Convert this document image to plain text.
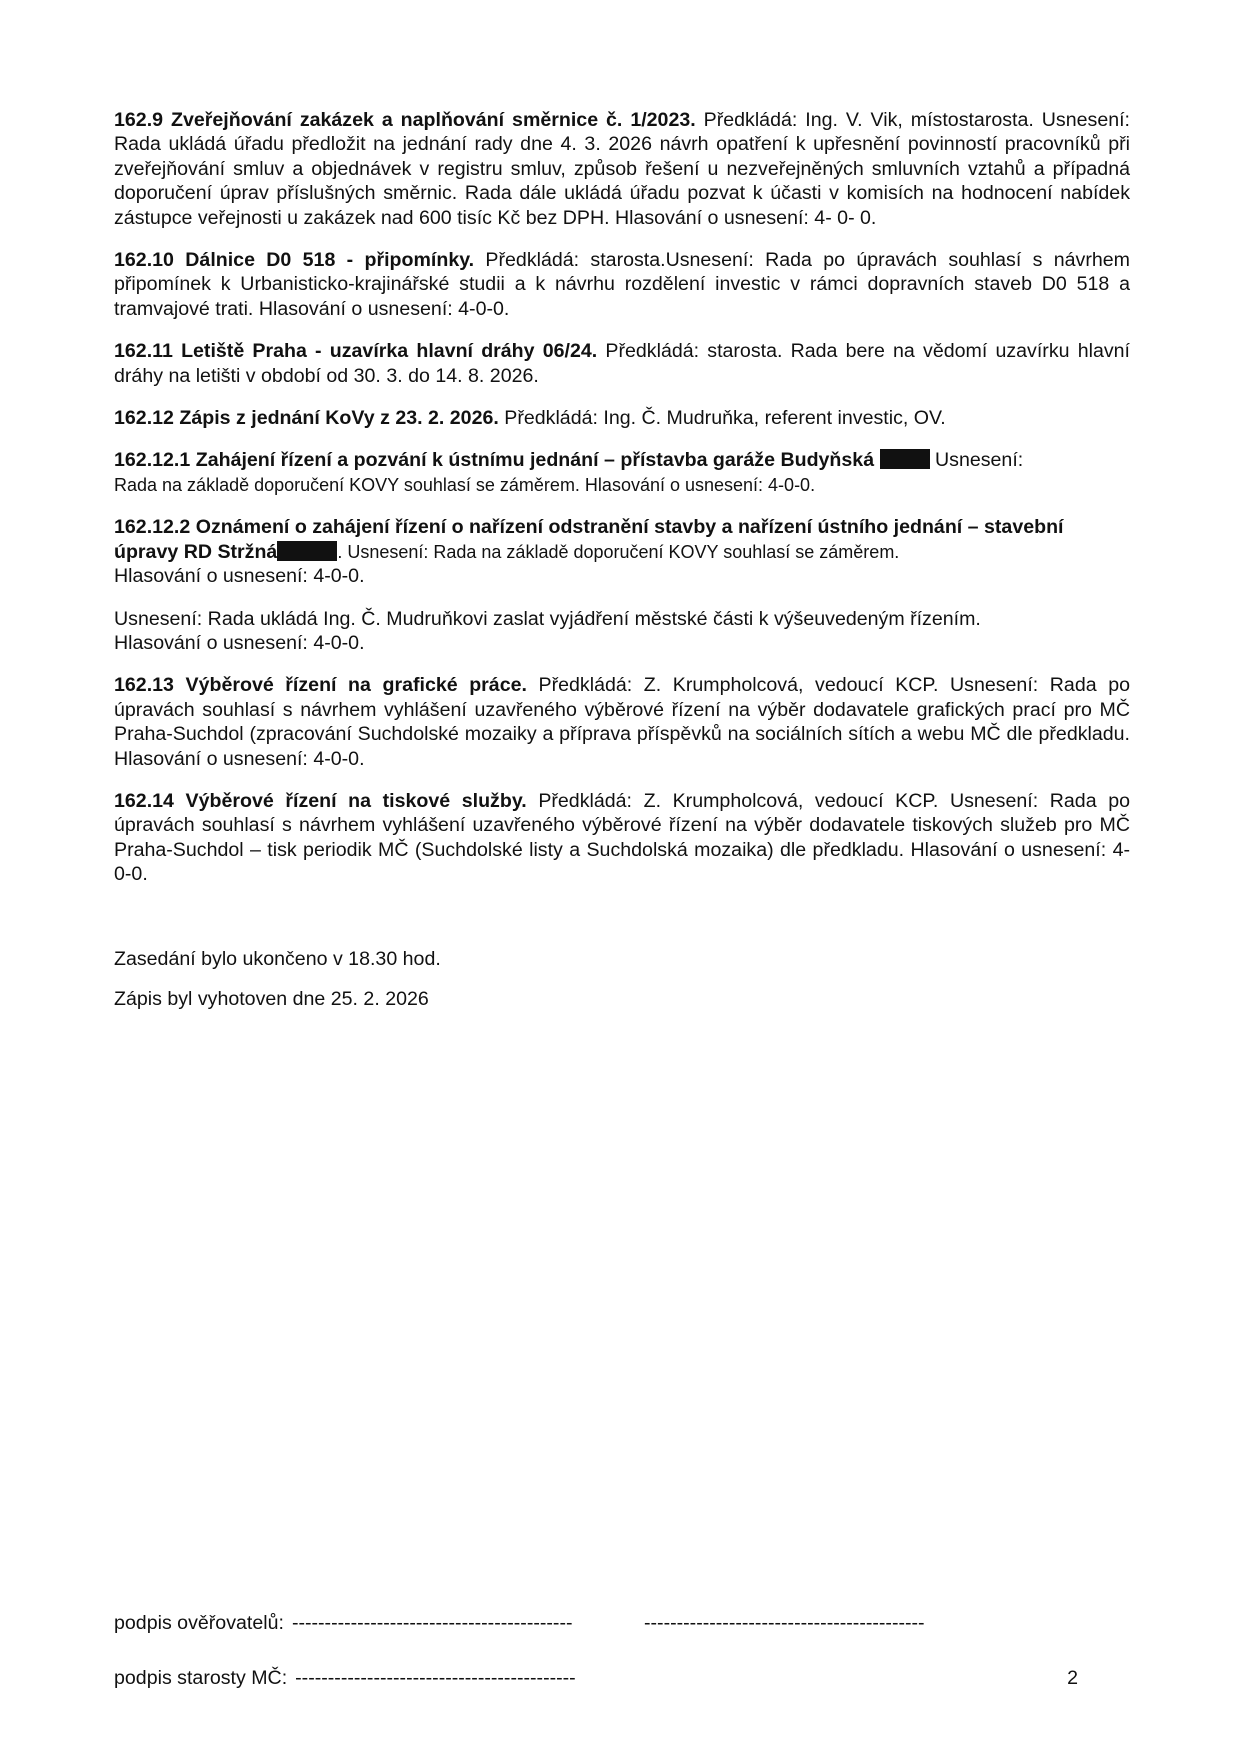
162.9 Zveřejňování zakázek a naplňování směrnice č. 1/2023. Předkládá: Ing. V. Vik, místostarosta. Usnesení: Rada ukládá úřadu předložit na jednání rady dne 4. 3. 2026 návrh opatření k upřesnění povinností pracovníků při zveřejňování smluv a objednávek v registru smluv, způsob řešení u nezveřejněných smluvních vztahů a případná doporučení úprav příslušných směrnic. Rada dále ukládá úřadu pozvat k účasti v komisích na hodnocení nabídek zástupce veřejnosti u zakázek nad 600 tisíc Kč bez DPH. Hlasování o usnesení: 4- 0- 0.

162.10 Dálnice D0 518 - připomínky. Předkládá: starosta.Usnesení: Rada po úpravách souhlasí s návrhem připomínek k Urbanisticko-krajinářské studii a k návrhu rozdělení investic v rámci dopravních staveb D0 518 a tramvajové trati. Hlasování o usnesení: 4-0-0.

162.11 Letiště Praha - uzavírka hlavní dráhy 06/24. Předkládá: starosta. Rada bere na vědomí uzavírku hlavní dráhy na letišti v období od 30. 3. do 14. 8. 2026.

162.12 Zápis z jednání KoVy z 23. 2. 2026. Předkládá: Ing. Č. Mudruňka, referent investic, OV.

162.12.1 Zahájení řízení a pozvání k ústnímu jednání – přístavba garáže Budyňská	Usnesení:
Rada na základě doporučení KOVY souhlasí se záměrem. Hlasování o usnesení: 4-0-0.

162.12.2 Oznámení o zahájení řízení o nařízení odstranění stavby a nařízení ústního jednání – stavební úpravy RD Stržná	. Usnesení: Rada na základě doporučení KOVY souhlasí se záměrem.
Hlasování o usnesení: 4-0-0.

Usnesení: Rada ukládá Ing. Č. Mudruňkovi zaslat vyjádření městské části k výšeuvedeným řízením.
Hlasování o usnesení: 4-0-0.

162.13 Výběrové řízení na grafické práce. Předkládá: Z. Krumpholcová, vedoucí KCP. Usnesení: Rada po úpravách souhlasí s návrhem vyhlášení uzavřeného výběrové řízení na výběr dodavatele grafických prací pro MČ Praha-Suchdol (zpracování Suchdolské mozaiky a příprava příspěvků na sociálních sítích a webu MČ dle předkladu. Hlasování o usnesení: 4-0-0.

162.14 Výběrové řízení na tiskové služby. Předkládá: Z. Krumpholcová, vedoucí KCP. Usnesení: Rada po úpravách souhlasí s návrhem vyhlášení uzavřeného výběrové řízení na výběr dodavatele tiskových služeb pro MČ Praha-Suchdol – tisk periodik MČ (Suchdolské listy a Suchdolská mozaika) dle předkladu. Hlasování o usnesení: 4-0-0.

Zasedání bylo ukončeno v 18.30 hod.

Zápis byl vyhotoven dne 25. 2. 2026

podpis ověřovatelů: -------------------------------------------	-------------------------------------------
podpis starosty MČ: -------------------------------------------	2
